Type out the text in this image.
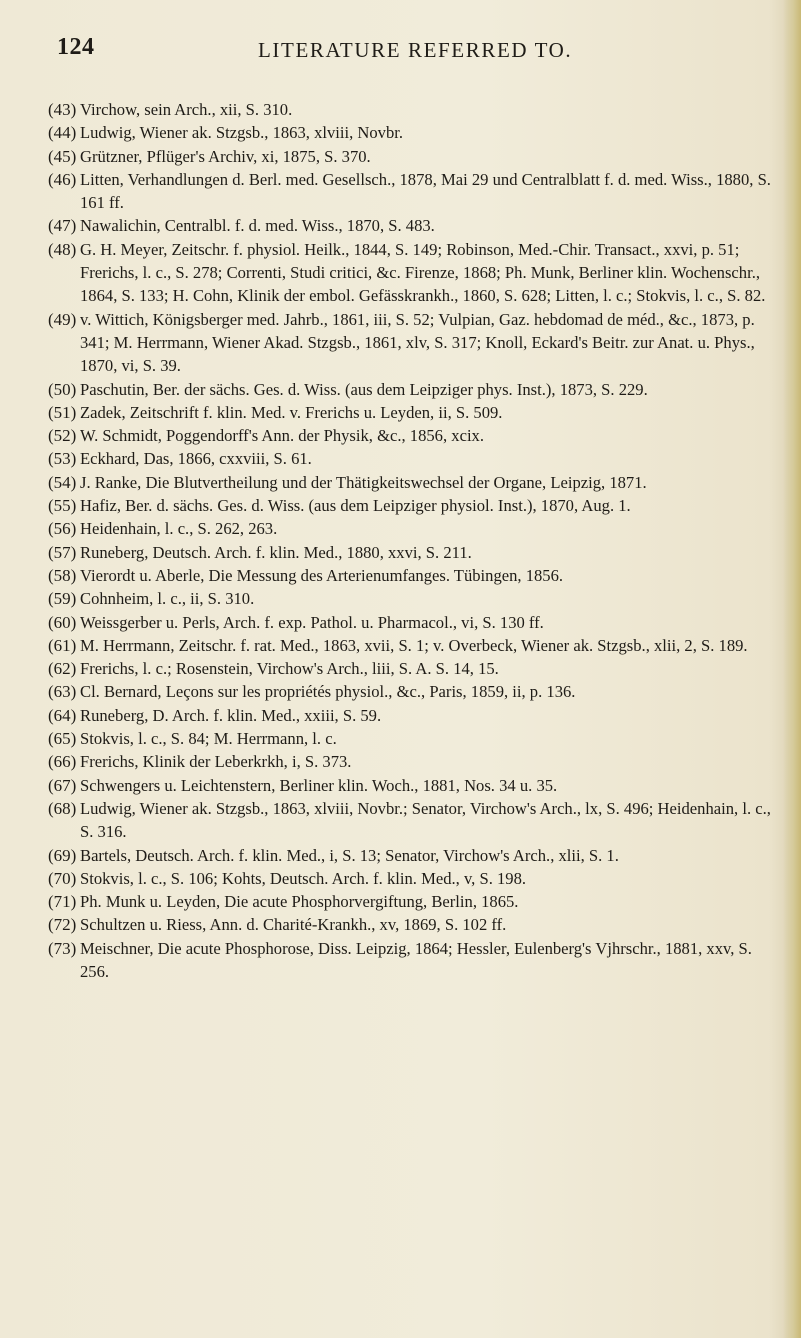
124	LITERATURE REFERRED TO.
(43) Virchow, sein Arch., xii, S. 310.
(44) Ludwig, Wiener ak. Stzgsb., 1863, xlviii, Novbr.
(45) Grützner, Pflüger's Archiv, xi, 1875, S. 370.
(46) Litten, Verhandlungen d. Berl. med. Gesellsch., 1878, Mai 29 und Centralblatt f. d. med. Wiss., 1880, S. 161 ff.
(47) Nawalichin, Centralbl. f. d. med. Wiss., 1870, S. 483.
(48) G. H. Meyer, Zeitschr. f. physiol. Heilk., 1844, S. 149; Robinson, Med.-Chir. Transact., xxvi, p. 51; Frerichs, l. c., S. 278; Correnti, Studi critici, &c. Firenze, 1868; Ph. Munk, Berliner klin. Wochenschr., 1864, S. 133; H. Cohn, Klinik der embol. Gefässkrankh., 1860, S. 628; Litten, l. c.; Stokvis, l. c., S. 82.
(49) v. Wittich, Königsberger med. Jahrb., 1861, iii, S. 52; Vulpian, Gaz. hebdomad de méd., &c., 1873, p. 341; M. Herrmann, Wiener Akad. Stzgsb., 1861, xlv, S. 317; Knoll, Eckard's Beitr. zur Anat. u. Phys., 1870, vi, S. 39.
(50) Paschutin, Ber. der sächs. Ges. d. Wiss. (aus dem Leipziger phys. Inst.), 1873, S. 229.
(51) Zadek, Zeitschrift f. klin. Med. v. Frerichs u. Leyden, ii, S. 509.
(52) W. Schmidt, Poggendorff's Ann. der Physik, &c., 1856, xcix.
(53) Eckhard, Das, 1866, cxxviii, S. 61.
(54) J. Ranke, Die Blutvertheilung und der Thätigkeitswechsel der Organe, Leipzig, 1871.
(55) Hafiz, Ber. d. sächs. Ges. d. Wiss. (aus dem Leipziger physiol. Inst.), 1870, Aug. 1.
(56) Heidenhain, l. c., S. 262, 263.
(57) Runeberg, Deutsch. Arch. f. klin. Med., 1880, xxvi, S. 211.
(58) Vierordt u. Aberle, Die Messung des Arterienumfanges. Tübingen, 1856.
(59) Cohnheim, l. c., ii, S. 310.
(60) Weissgerber u. Perls, Arch. f. exp. Pathol. u. Pharmacol., vi, S. 130 ff.
(61) M. Herrmann, Zeitschr. f. rat. Med., 1863, xvii, S. 1; v. Overbeck, Wiener ak. Stzgsb., xlii, 2, S. 189.
(62) Frerichs, l. c.; Rosenstein, Virchow's Arch., liii, S. A. S. 14, 15.
(63) Cl. Bernard, Leçons sur les propriétés physiol., &c., Paris, 1859, ii, p. 136.
(64) Runeberg, D. Arch. f. klin. Med., xxiii, S. 59.
(65) Stokvis, l. c., S. 84; M. Herrmann, l. c.
(66) Frerichs, Klinik der Leberkrkh, i, S. 373.
(67) Schwengers u. Leichtenstern, Berliner klin. Woch., 1881, Nos. 34 u. 35.
(68) Ludwig, Wiener ak. Stzgsb., 1863, xlviii, Novbr.; Senator, Virchow's Arch., lx, S. 496; Heidenhain, l. c., S. 316.
(69) Bartels, Deutsch. Arch. f. klin. Med., i, S. 13; Senator, Virchow's Arch., xlii, S. 1.
(70) Stokvis, l. c., S. 106; Kohts, Deutsch. Arch. f. klin. Med., v, S. 198.
(71) Ph. Munk u. Leyden, Die acute Phosphorvergiftung, Berlin, 1865.
(72) Schultzen u. Riess, Ann. d. Charité-Krankh., xv, 1869, S. 102 ff.
(73) Meischner, Die acute Phosphorose, Diss. Leipzig, 1864; Hessler, Eulenberg's Vjhrschr., 1881, xxv, S. 256.
